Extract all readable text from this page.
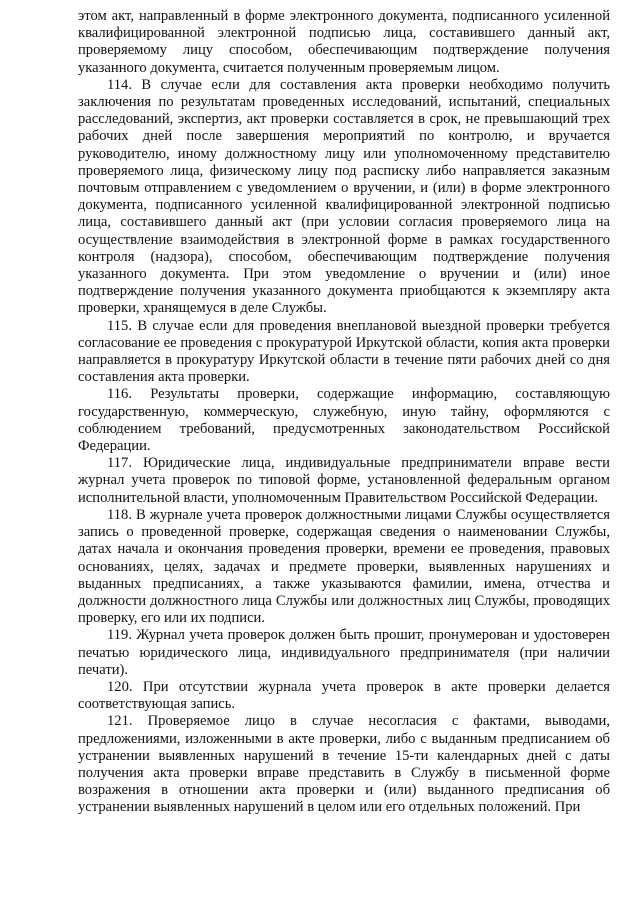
этом акт, направленный в форме электронного документа, подписанного усиленной квалифицированной электронной подписью лица, составившего данный акт, проверяемому лицу способом, обеспечивающим подтверждение получения указанного документа, считается полученным проверяемым лицом.

114. В случае если для составления акта проверки необходимо получить заключения по результатам проведенных исследований, испытаний, специальных расследований, экспертиз, акт проверки составляется в срок, не превышающий трех рабочих дней после завершения мероприятий по контролю, и вручается руководителю, иному должностному лицу или уполномоченному представителю проверяемого лица, физическому лицу под расписку либо направляется заказным почтовым отправлением с уведомлением о вручении, и (или) в форме электронного документа, подписанного усиленной квалифицированной электронной подписью лица, составившего данный акт (при условии согласия проверяемого лица на осуществление взаимодействия в электронной форме в рамках государственного контроля (надзора), способом, обеспечивающим подтверждение получения указанного документа. При этом уведомление о вручении и (или) иное подтверждение получения указанного документа приобщаются к экземпляру акта проверки, хранящемуся в деле Службы.

115. В случае если для проведения внеплановой выездной проверки требуется согласование ее проведения с прокуратурой Иркутской области, копия акта проверки направляется в прокуратуру Иркутской области в течение пяти рабочих дней со дня составления акта проверки.

116. Результаты проверки, содержащие информацию, составляющую государственную, коммерческую, служебную, иную тайну, оформляются с соблюдением требований, предусмотренных законодательством Российской Федерации.

117. Юридические лица, индивидуальные предприниматели вправе вести журнал учета проверок по типовой форме, установленной федеральным органом исполнительной власти, уполномоченным Правительством Российской Федерации.

118. В журнале учета проверок должностными лицами Службы осуществляется запись о проведенной проверке, содержащая сведения о наименовании Службы, датах начала и окончания проведения проверки, времени ее проведения, правовых основаниях, целях, задачах и предмете проверки, выявленных нарушениях и выданных предписаниях, а также указываются фамилии, имена, отчества и должности должностного лица Службы или должностных лиц Службы, проводящих проверку, его или их подписи.

119. Журнал учета проверок должен быть прошит, пронумерован и удостоверен печатью юридического лица, индивидуального предпринимателя (при наличии печати).

120. При отсутствии журнала учета проверок в акте проверки делается соответствующая запись.

121. Проверяемое лицо в случае несогласия с фактами, выводами, предложениями, изложенными в акте проверки, либо с выданным предписанием об устранении выявленных нарушений в течение 15-ти календарных дней с даты получения акта проверки вправе представить в Службу в письменной форме возражения в отношении акта проверки и (или) выданного предписания об устранении выявленных нарушений в целом или его отдельных положений. При
